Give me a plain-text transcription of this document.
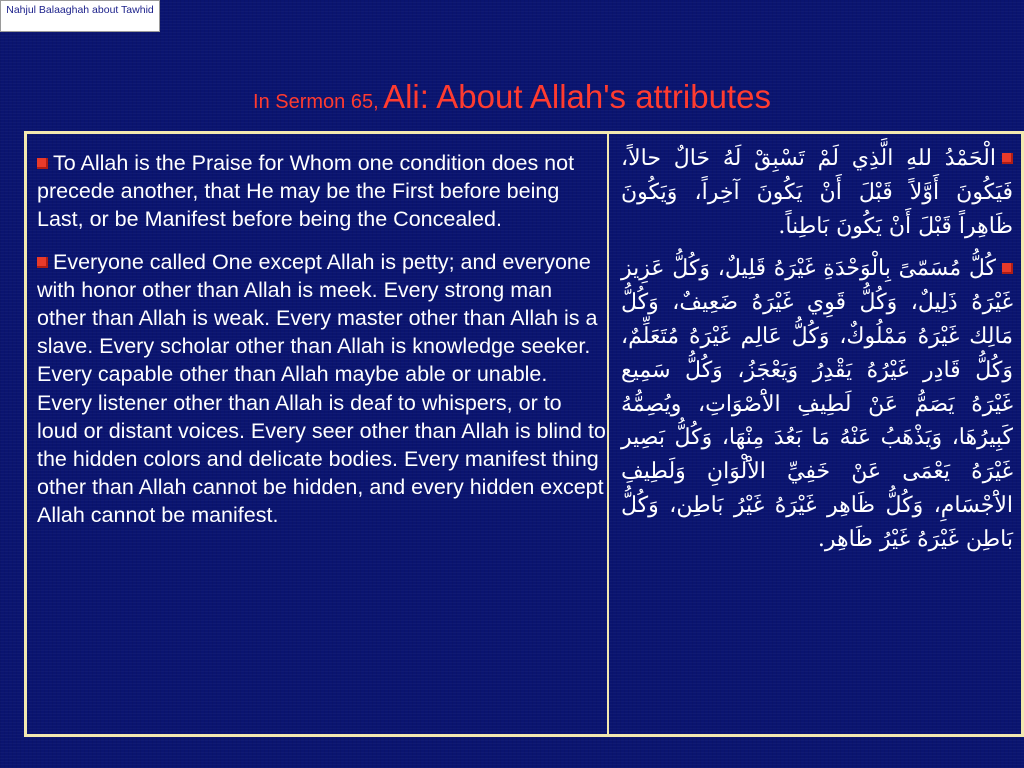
Nahjul Balaaghah about Tawhid
In Sermon 65, Ali: About Allah's attributes

To Allah is the Praise for Whom one condition does not precede another, that He may be the First before being Last, or be Manifest before being the Concealed.

Everyone called One except Allah is petty; and everyone with honor other than Allah is meek. Every strong man other than Allah is weak. Every master other than Allah is a slave. Every scholar other than Allah is knowledge seeker. Every capable other than Allah maybe able or unable. Every listener other than Allah is deaf to whispers, or to loud or distant voices. Every seer other than Allah is blind to the hidden colors and delicate bodies. Every manifest thing other than Allah cannot be hidden, and every hidden except Allah cannot be manifest.

الْحَمْدُ للهِ الَّذِي لَمْ تَسْبِقْ لَهُ حَالٌ حالاً، فَيَكُونَ أَوَّلاً قَبْلَ أَنْ يَكُونَ آخِراً، وَيَكُونَ ظَاهِراً قَبْلَ أَنْ يَكُونَ بَاطِناً.

كُلُّ مُسَمّىً بِالْوَحْدَةِ غَيْرَهُ قَلِيلٌ، وَكُلُّ عَزِيز غَيْرَهُ ذَلِيلٌ، وَكُلُّ قَوِي غَيْرَهُ ضَعِيفٌ، وَكُلُّ مَالِك غَيْرَهُ مَمْلُوكٌ، وَكُلُّ عَالِم غَيْرَهُ مُتَعَلِّمٌ، وَكُلُّ قَادِر غَيْرُهُ يَقْدِرُ وَيَعْجَزُ، وَكُلُّ سَمِيع غَيْرَهُ يَصَمُّ عَنْ لَطِيفِ الاَْصْوَاتِ، ويُصِمُّهُ كَبِيرُهَا، وَيَذْهَبُ عَنْهُ مَا بَعُدَ مِنْهَا، وَكُلُّ بَصِير غَيْرَهُ يَعْمَى عَنْ خَفِيِّ الاَْلْوَانِ وَلَطِيفِ الاَْجْسَامِ، وَكُلُّ ظَاهِر غَيْرَهُ غَيْرُ بَاطِن، وَكُلُّ بَاطِن غَيْرَهُ غَيْرُ ظَاهِر.
